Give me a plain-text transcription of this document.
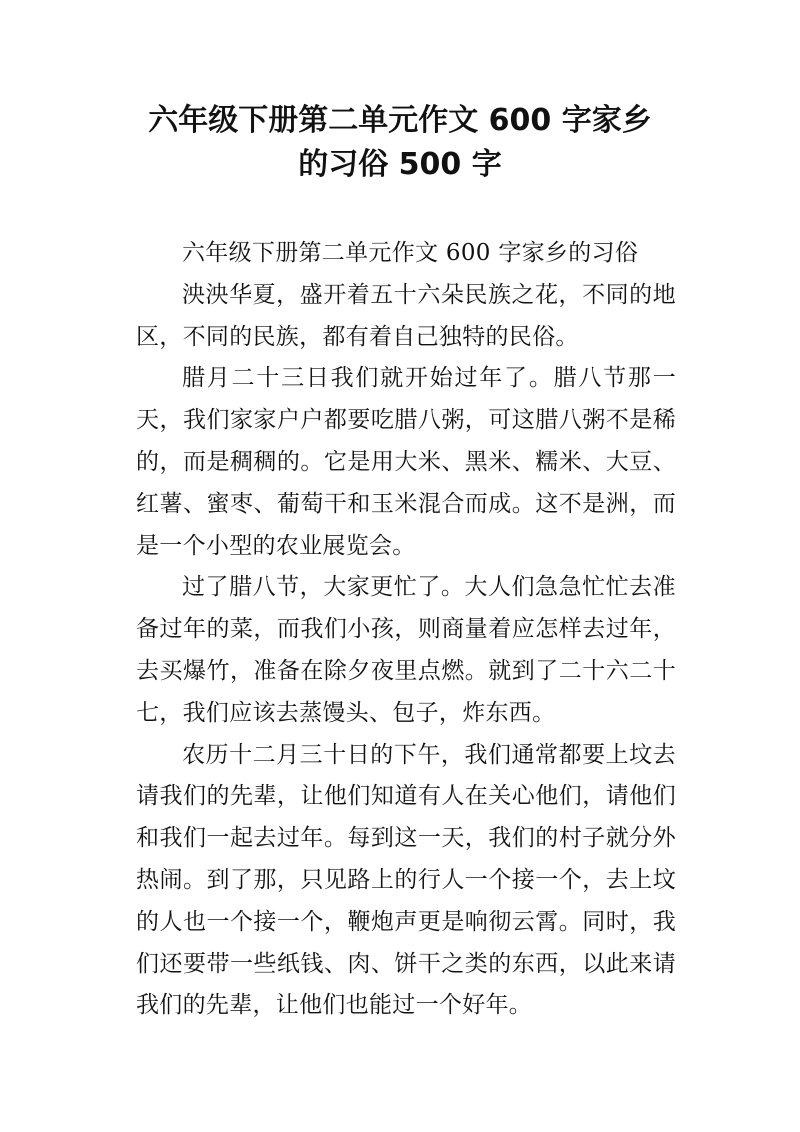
六年级下册第二单元作文 600 字家乡
的习俗 500 字

六年级下册第二单元作文 600 字家乡的习俗

泱泱华夏，盛开着五十六朵民族之花，不同的地区，不同的民族，都有着自己独特的民俗。

腊月二十三日我们就开始过年了。腊八节那一天，我们家家户户都要吃腊八粥，可这腊八粥不是稀的，而是稠稠的。它是用大米、黑米、糯米、大豆、红薯、蜜枣、葡萄干和玉米混合而成。这不是洲，而是一个小型的农业展览会。

过了腊八节，大家更忙了。大人们急急忙忙去准备过年的菜，而我们小孩，则商量着应怎样去过年，去买爆竹，准备在除夕夜里点燃。就到了二十六二十七，我们应该去蒸馒头、包子，炸东西。

农历十二月三十日的下午，我们通常都要上坟去请我们的先辈，让他们知道有人在关心他们，请他们和我们一起去过年。每到这一天，我们的村子就分外热闹。到了那，只见路上的行人一个接一个，去上坟的人也一个接一个，鞭炮声更是响彻云霄。同时，我们还要带一些纸钱、肉、饼干之类的东西，以此来请我们的先辈，让他们也能过一个好年。
